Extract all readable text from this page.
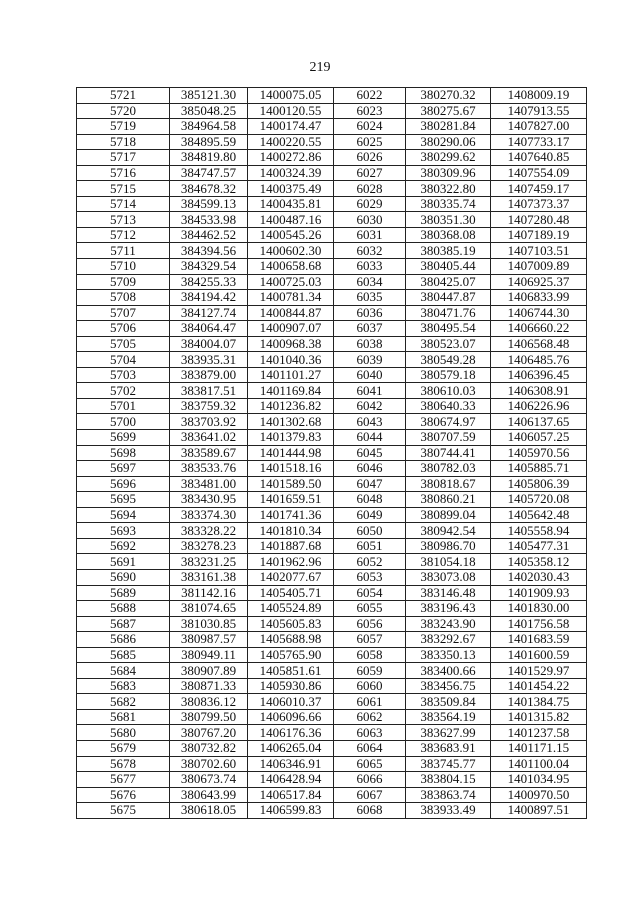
219
5721	385121.30	1400075.05	6022	380270.32	1408009.19
5720	385048.25	1400120.55	6023	380275.67	1407913.55
5719	384964.58	1400174.47	6024	380281.84	1407827.00
5718	384895.59	1400220.55	6025	380290.06	1407733.17
5717	384819.80	1400272.86	6026	380299.62	1407640.85
5716	384747.57	1400324.39	6027	380309.96	1407554.09
5715	384678.32	1400375.49	6028	380322.80	1407459.17
5714	384599.13	1400435.81	6029	380335.74	1407373.37
5713	384533.98	1400487.16	6030	380351.30	1407280.48
5712	384462.52	1400545.26	6031	380368.08	1407189.19
5711	384394.56	1400602.30	6032	380385.19	1407103.51
5710	384329.54	1400658.68	6033	380405.44	1407009.89
5709	384255.33	1400725.03	6034	380425.07	1406925.37
5708	384194.42	1400781.34	6035	380447.87	1406833.99
5707	384127.74	1400844.87	6036	380471.76	1406744.30
5706	384064.47	1400907.07	6037	380495.54	1406660.22
5705	384004.07	1400968.38	6038	380523.07	1406568.48
5704	383935.31	1401040.36	6039	380549.28	1406485.76
5703	383879.00	1401101.27	6040	380579.18	1406396.45
5702	383817.51	1401169.84	6041	380610.03	1406308.91
5701	383759.32	1401236.82	6042	380640.33	1406226.96
5700	383703.92	1401302.68	6043	380674.97	1406137.65
5699	383641.02	1401379.83	6044	380707.59	1406057.25
5698	383589.67	1401444.98	6045	380744.41	1405970.56
5697	383533.76	1401518.16	6046	380782.03	1405885.71
5696	383481.00	1401589.50	6047	380818.67	1405806.39
5695	383430.95	1401659.51	6048	380860.21	1405720.08
5694	383374.30	1401741.36	6049	380899.04	1405642.48
5693	383328.22	1401810.34	6050	380942.54	1405558.94
5692	383278.23	1401887.68	6051	380986.70	1405477.31
5691	383231.25	1401962.96	6052	381054.18	1405358.12
5690	383161.38	1402077.67	6053	383073.08	1402030.43
5689	381142.16	1405405.71	6054	383146.48	1401909.93
5688	381074.65	1405524.89	6055	383196.43	1401830.00
5687	381030.85	1405605.83	6056	383243.90	1401756.58
5686	380987.57	1405688.98	6057	383292.67	1401683.59
5685	380949.11	1405765.90	6058	383350.13	1401600.59
5684	380907.89	1405851.61	6059	383400.66	1401529.97
5683	380871.33	1405930.86	6060	383456.75	1401454.22
5682	380836.12	1406010.37	6061	383509.84	1401384.75
5681	380799.50	1406096.66	6062	383564.19	1401315.82
5680	380767.20	1406176.36	6063	383627.99	1401237.58
5679	380732.82	1406265.04	6064	383683.91	1401171.15
5678	380702.60	1406346.91	6065	383745.77	1401100.04
5677	380673.74	1406428.94	6066	383804.15	1401034.95
5676	380643.99	1406517.84	6067	383863.74	1400970.50
5675	380618.05	1406599.83	6068	383933.49	1400897.51
